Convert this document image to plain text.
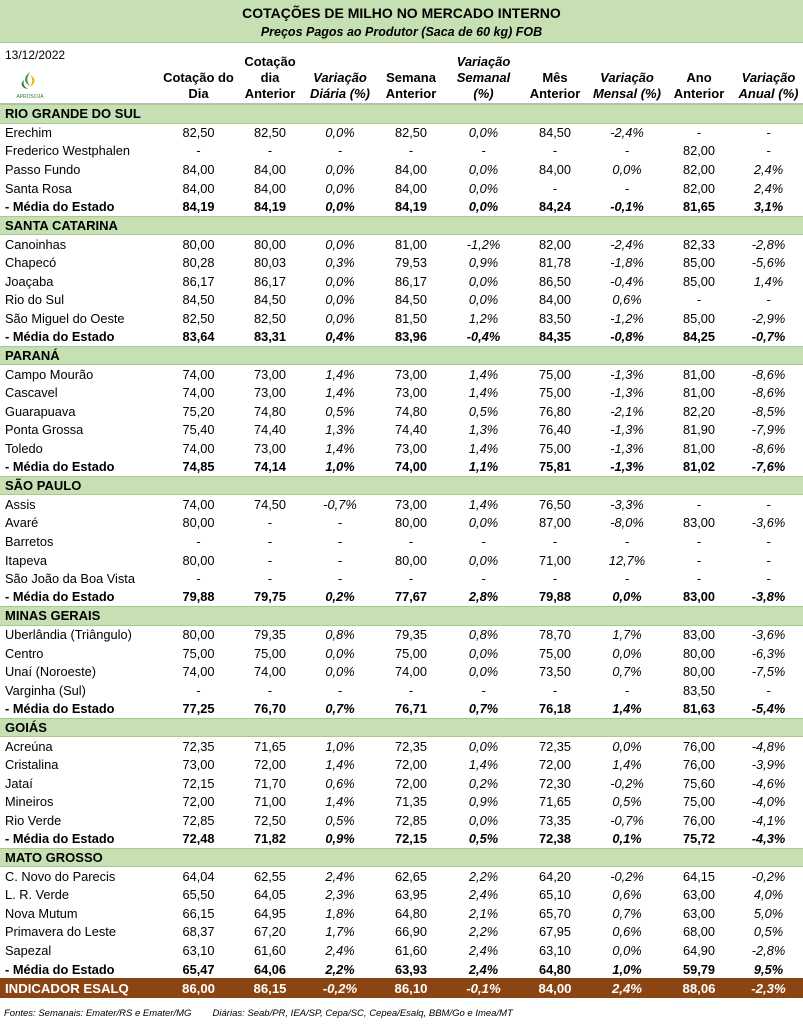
COTAÇÕES DE MILHO NO MERCADO INTERNO
Preços Pagos ao Produtor (Saca de 60 kg) FOB
13/12/2022
APROSOJA
Cotação do Dia
Cotação dia Anterior
Variação Diária (%)
Semana Anterior
Variação Semanal (%)
Mês Anterior
Variação Mensal (%)
Ano Anterior
Variação Anual (%)
RIO GRANDE DO SUL									
Erechim	82,50	82,50	0,0%	82,50	0,0%	84,50	-2,4%	-	-
Frederico Westphalen	-	-	-	-	-	-	-	82,00	-
Passo Fundo	84,00	84,00	0,0%	84,00	0,0%	84,00	0,0%	82,00	2,4%
Santa Rosa	84,00	84,00	0,0%	84,00	0,0%	-	-	82,00	2,4%
- Média do Estado	84,19	84,19	0,0%	84,19	0,0%	84,24	-0,1%	81,65	3,1%
SANTA CATARINA									
Canoinhas	80,00	80,00	0,0%	81,00	-1,2%	82,00	-2,4%	82,33	-2,8%
Chapecó	80,28	80,03	0,3%	79,53	0,9%	81,78	-1,8%	85,00	-5,6%
Joaçaba	86,17	86,17	0,0%	86,17	0,0%	86,50	-0,4%	85,00	1,4%
Rio do Sul	84,50	84,50	0,0%	84,50	0,0%	84,00	0,6%	-	-
São Miguel do Oeste	82,50	82,50	0,0%	81,50	1,2%	83,50	-1,2%	85,00	-2,9%
- Média do Estado	83,64	83,31	0,4%	83,96	-0,4%	84,35	-0,8%	84,25	-0,7%
PARANÁ									
Campo Mourão	74,00	73,00	1,4%	73,00	1,4%	75,00	-1,3%	81,00	-8,6%
Cascavel	74,00	73,00	1,4%	73,00	1,4%	75,00	-1,3%	81,00	-8,6%
Guarapuava	75,20	74,80	0,5%	74,80	0,5%	76,80	-2,1%	82,20	-8,5%
Ponta Grossa	75,40	74,40	1,3%	74,40	1,3%	76,40	-1,3%	81,90	-7,9%
Toledo	74,00	73,00	1,4%	73,00	1,4%	75,00	-1,3%	81,00	-8,6%
- Média do Estado	74,85	74,14	1,0%	74,00	1,1%	75,81	-1,3%	81,02	-7,6%
SÃO PAULO									
Assis	74,00	74,50	-0,7%	73,00	1,4%	76,50	-3,3%	-	-
Avaré	80,00	-	-	80,00	0,0%	87,00	-8,0%	83,00	-3,6%
Barretos	-	-	-	-	-	-	-	-	-
Itapeva	80,00	-	-	80,00	0,0%	71,00	12,7%	-	-
São João da Boa Vista	-	-	-	-	-	-	-	-	-
- Média do Estado	79,88	79,75	0,2%	77,67	2,8%	79,88	0,0%	83,00	-3,8%
MINAS GERAIS									
Uberlândia (Triângulo)	80,00	79,35	0,8%	79,35	0,8%	78,70	1,7%	83,00	-3,6%
Centro	75,00	75,00	0,0%	75,00	0,0%	75,00	0,0%	80,00	-6,3%
Unaí (Noroeste)	74,00	74,00	0,0%	74,00	0,0%	73,50	0,7%	80,00	-7,5%
Varginha (Sul)	-	-	-	-	-	-	-	83,50	-
- Média do Estado	77,25	76,70	0,7%	76,71	0,7%	76,18	1,4%	81,63	-5,4%
GOIÁS									
Acreúna	72,35	71,65	1,0%	72,35	0,0%	72,35	0,0%	76,00	-4,8%
Cristalina	73,00	72,00	1,4%	72,00	1,4%	72,00	1,4%	76,00	-3,9%
Jataí	72,15	71,70	0,6%	72,00	0,2%	72,30	-0,2%	75,60	-4,6%
Mineiros	72,00	71,00	1,4%	71,35	0,9%	71,65	0,5%	75,00	-4,0%
Rio Verde	72,85	72,50	0,5%	72,85	0,0%	73,35	-0,7%	76,00	-4,1%
- Média do Estado	72,48	71,82	0,9%	72,15	0,5%	72,38	0,1%	75,72	-4,3%
MATO GROSSO									
C. Novo do Parecis	64,04	62,55	2,4%	62,65	2,2%	64,20	-0,2%	64,15	-0,2%
L. R. Verde	65,50	64,05	2,3%	63,95	2,4%	65,10	0,6%	63,00	4,0%
Nova Mutum	66,15	64,95	1,8%	64,80	2,1%	65,70	0,7%	63,00	5,0%
Primavera do Leste	68,37	67,20	1,7%	66,90	2,2%	67,95	0,6%	68,00	0,5%
Sapezal	63,10	61,60	2,4%	61,60	2,4%	63,10	0,0%	64,90	-2,8%
- Média do Estado	65,47	64,06	2,2%	63,93	2,4%	64,80	1,0%	59,79	9,5%
INDICADOR ESALQ	86,00	86,15	-0,2%	86,10	-0,1%	84,00	2,4%	88,06	-2,3%
Fontes: Semanais: Emater/RS e Emater/MG        Diárias: Seab/PR, IEA/SP, Cepa/SC, Cepea/Esalq, BBM/Go e Imea/MT
